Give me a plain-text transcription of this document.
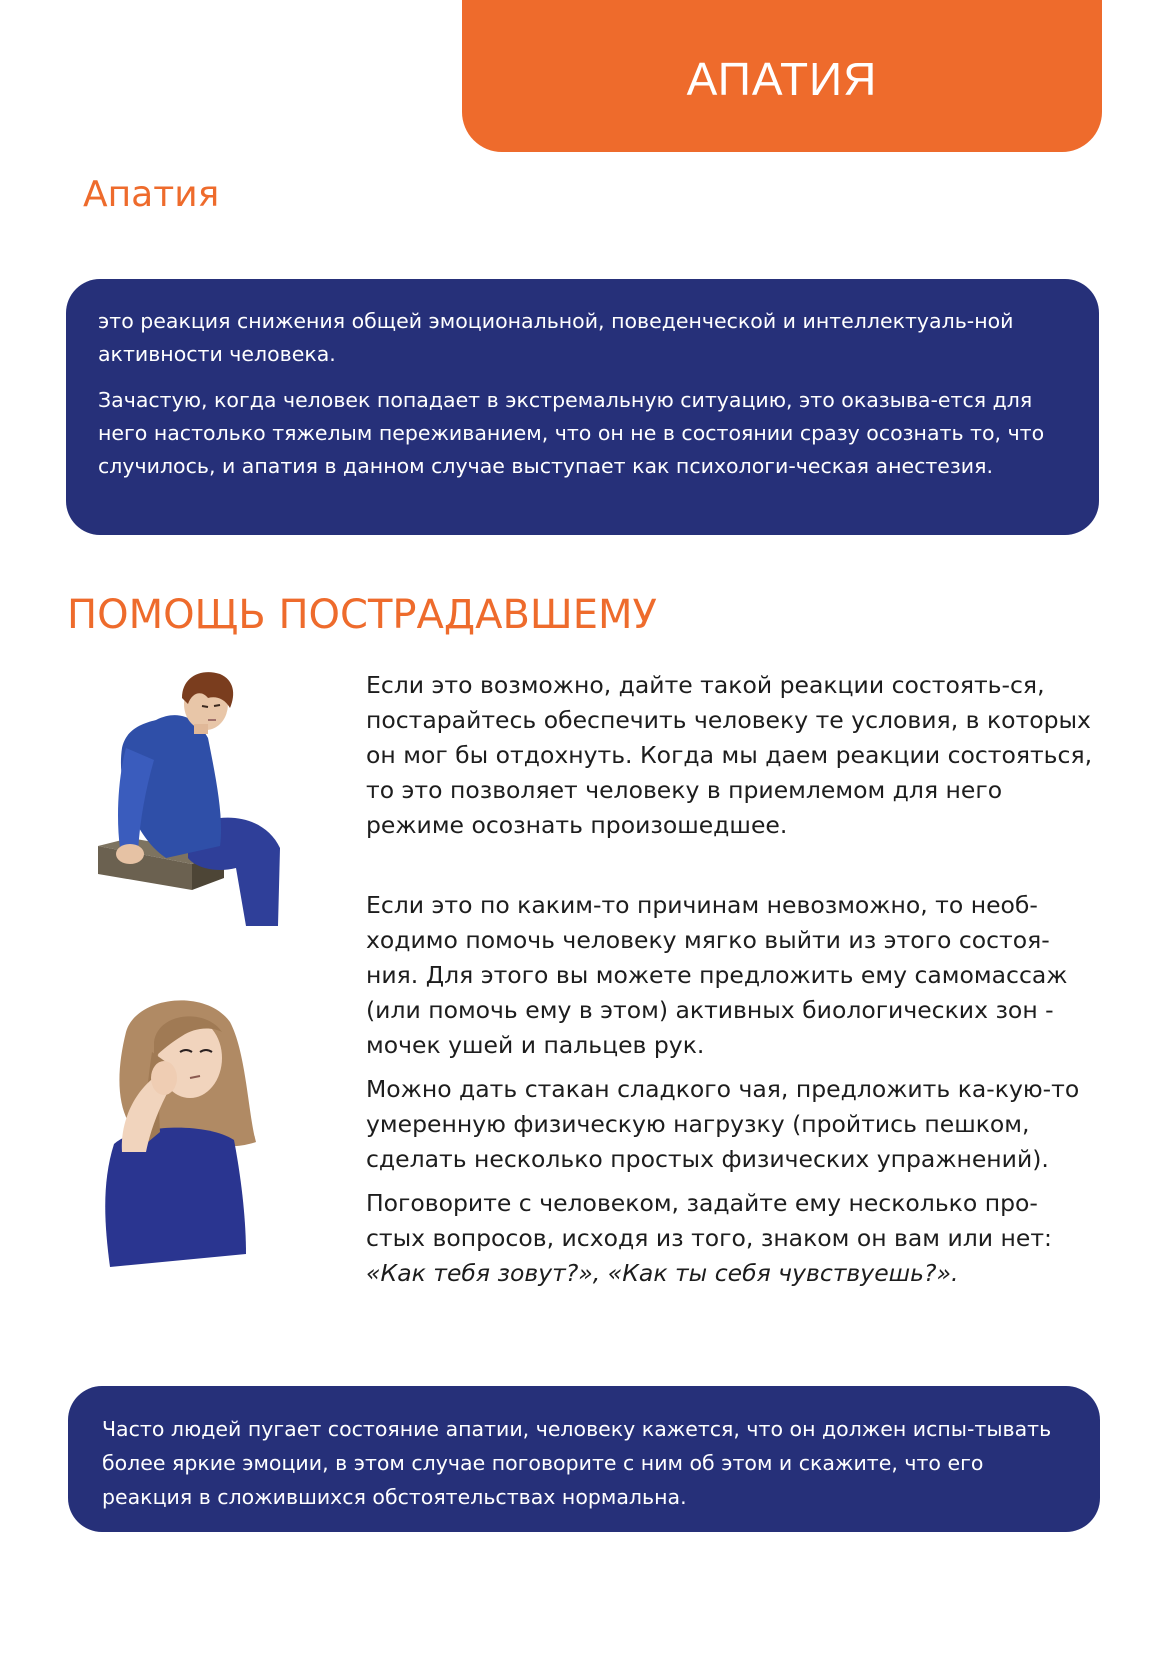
АПАТИЯ
Апатия

это реакция снижения общей эмоциональной, поведенческой и интеллектуаль-ной активности человека.

Зачастую, когда человек попадает в экстремальную ситуацию, это оказыва-ется для него настолько тяжелым переживанием, что он не в состоянии сразу осознать то, что случилось, и апатия в данном случае выступает как психологи-ческая анестезия.

ПОМОЩЬ ПОСТРАДАВШЕМУ

Если это возможно, дайте такой реакции состоять-ся, постарайтесь обеспечить человеку те условия, в которых он мог бы отдохнуть. Когда мы даем реакции состояться, то это позволяет человеку в приемлемом для него режиме осознать произошедшее.

Если это по каким-то причинам невозможно, то необ-ходимо помочь человеку мягко выйти из этого состоя-ния. Для этого вы можете предложить ему самомассаж (или помочь ему в этом) активных биологических зон - мочек ушей и пальцев рук.

Можно дать стакан сладкого чая, предложить ка-кую-то умеренную физическую нагрузку (пройтись пешком, сделать несколько простых физических упражнений).

Поговорите с человеком, задайте ему несколько про-стых вопросов, исходя из того, знаком он вам или нет: «Как тебя зовут?», «Как ты себя чувствуешь?».

Часто людей пугает состояние апатии, человеку кажется, что он должен испы-тывать более яркие эмоции, в этом случае поговорите с ним об этом и скажите, что его реакция в сложившихся обстоятельствах нормальна.
